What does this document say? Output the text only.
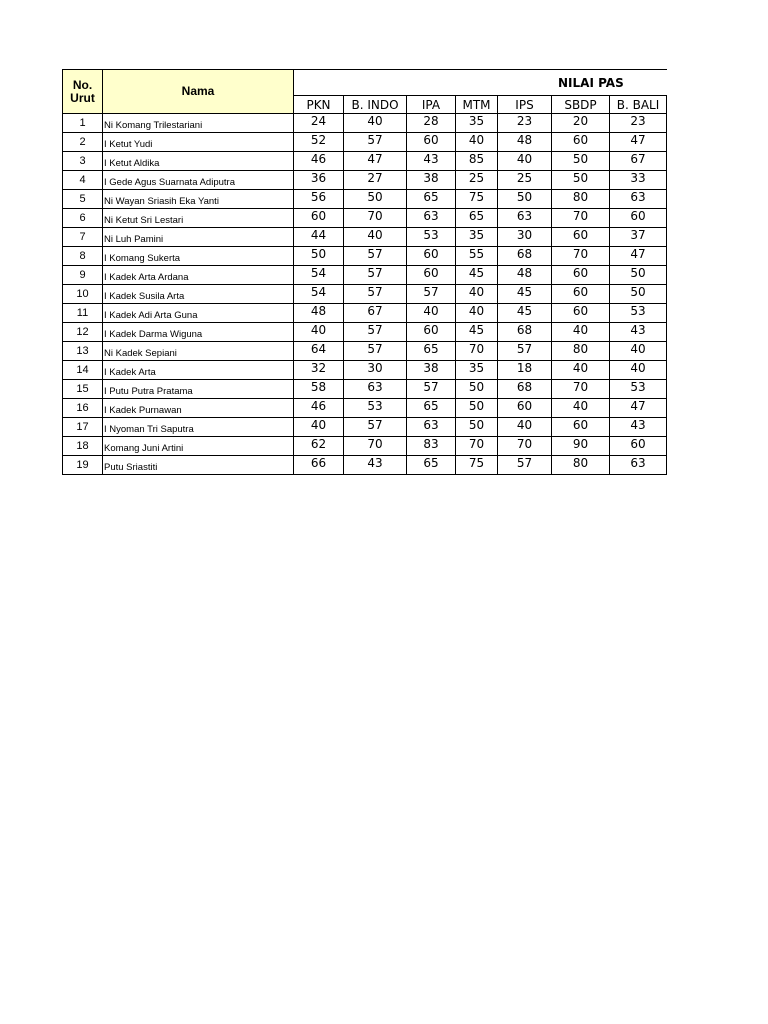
No.
Urut	Nama	NILAI PAS						
		PKN	B. INDO	IPA	MTM	IPS	SBDP	B. BALI
1	Ni Komang Trilestariani	24	40	28	35	23	20	23
2	I Ketut Yudi	52	57	60	40	48	60	47
3	I Ketut Aldika	46	47	43	85	40	50	67
4	I Gede Agus Suarnata Adiputra	36	27	38	25	25	50	33
5	Ni Wayan Sriasih Eka Yanti	56	50	65	75	50	80	63
6	Ni Ketut Sri Lestari	60	70	63	65	63	70	60
7	Ni Luh Pamini	44	40	53	35	30	60	37
8	I Komang Sukerta	50	57	60	55	68	70	47
9	I Kadek Arta Ardana	54	57	60	45	48	60	50
10	I Kadek Susila Arta	54	57	57	40	45	60	50
11	I Kadek Adi Arta Guna	48	67	40	40	45	60	53
12	I Kadek Darma Wiguna	40	57	60	45	68	40	43
13	Ni Kadek Sepiani	64	57	65	70	57	80	40
14	I Kadek Arta	32	30	38	35	18	40	40
15	I Putu Putra Pratama	58	63	57	50	68	70	53
16	I Kadek Purnawan	46	53	65	50	60	40	47
17	I Nyoman Tri Saputra	40	57	63	50	40	60	43
18	Komang Juni Artini	62	70	83	70	70	90	60
19	Putu Sriastiti	66	43	65	75	57	80	63
